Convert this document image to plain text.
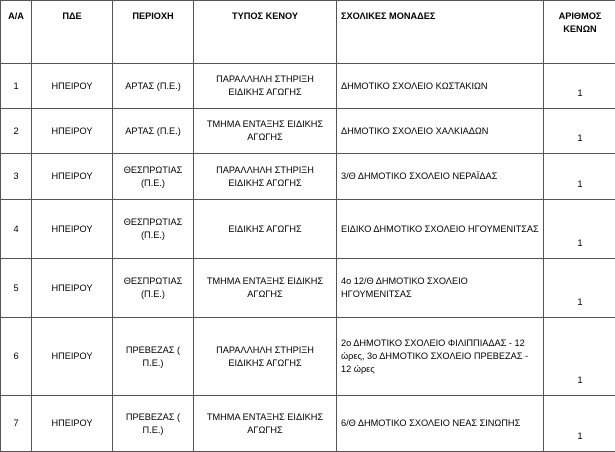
Α/Α	ΠΔΕ	ΠΕΡΙΟΧΗ	ΤΥΠΟΣ ΚΕΝΟΥ	ΣΧΟΛΙΚΕΣ ΜΟΝΑΔΕΣ	ΑΡΙΘΜΟΣ ΚΕΝΩΝ
1	ΗΠΕΙΡΟΥ	ΑΡΤΑΣ (Π.Ε.)	ΠΑΡΑΛΛΗΛΗ ΣΤΗΡΙΞΗ ΕΙΔΙΚΗΣ ΑΓΩΓΗΣ	ΔΗΜΟΤΙΚΟ ΣΧΟΛΕΙΟ ΚΩΣΤΑΚΙΩΝ	1
2	ΗΠΕΙΡΟΥ	ΑΡΤΑΣ (Π.Ε.)	ΤΜΗΜΑ ΕΝΤΑΞΗΣ ΕΙΔΙΚΗΣ ΑΓΩΓΗΣ	ΔΗΜΟΤΙΚΟ ΣΧΟΛΕΙΟ ΧΑΛΚΙΑΔΩΝ	1
3	ΗΠΕΙΡΟΥ	ΘΕΣΠΡΩΤΙΑΣ (Π.Ε.)	ΠΑΡΑΛΛΗΛΗ ΣΤΗΡΙΞΗ ΕΙΔΙΚΗΣ ΑΓΩΓΗΣ	3/Θ ΔΗΜΟΤΙΚΟ ΣΧΟΛΕΙΟ ΝΕΡΑΪΔΑΣ	1
4	ΗΠΕΙΡΟΥ	ΘΕΣΠΡΩΤΙΑΣ (Π.Ε.)	ΕΙΔΙΚΗΣ ΑΓΩΓΗΣ	ΕΙΔΙΚΟ ΔΗΜΟΤΙΚΟ ΣΧΟΛΕΙΟ ΗΓΟΥΜΕΝΙΤΣΑΣ	1
5	ΗΠΕΙΡΟΥ	ΘΕΣΠΡΩΤΙΑΣ (Π.Ε.)	ΤΜΗΜΑ ΕΝΤΑΞΗΣ ΕΙΔΙΚΗΣ ΑΓΩΓΗΣ	4ο 12/Θ ΔΗΜΟΤΙΚΟ ΣΧΟΛΕΙΟ ΗΓΟΥΜΕΝΙΤΣΑΣ	1
6	ΗΠΕΙΡΟΥ	ΠΡΕΒΕΖΑΣ ( Π.Ε.)	ΠΑΡΑΛΛΗΛΗ ΣΤΗΡΙΞΗ ΕΙΔΙΚΗΣ ΑΓΩΓΗΣ	2ο ΔΗΜΟΤΙΚΟ ΣΧΟΛΕΙΟ ΦΙΛΙΠΠΙΑΔΑΣ - 12 ώρες, 3ο ΔΗΜΟΤΙΚΟ ΣΧΟΛΕΙΟ ΠΡΕΒΕΖΑΣ - 12 ώρες	1
7	ΗΠΕΙΡΟΥ	ΠΡΕΒΕΖΑΣ ( Π.Ε.)	ΤΜΗΜΑ ΕΝΤΑΞΗΣ ΕΙΔΙΚΗΣ ΑΓΩΓΗΣ	6/Θ ΔΗΜΟΤΙΚΟ ΣΧΟΛΕΙΟ ΝΕΑΣ ΣΙΝΩΠΗΣ	1
